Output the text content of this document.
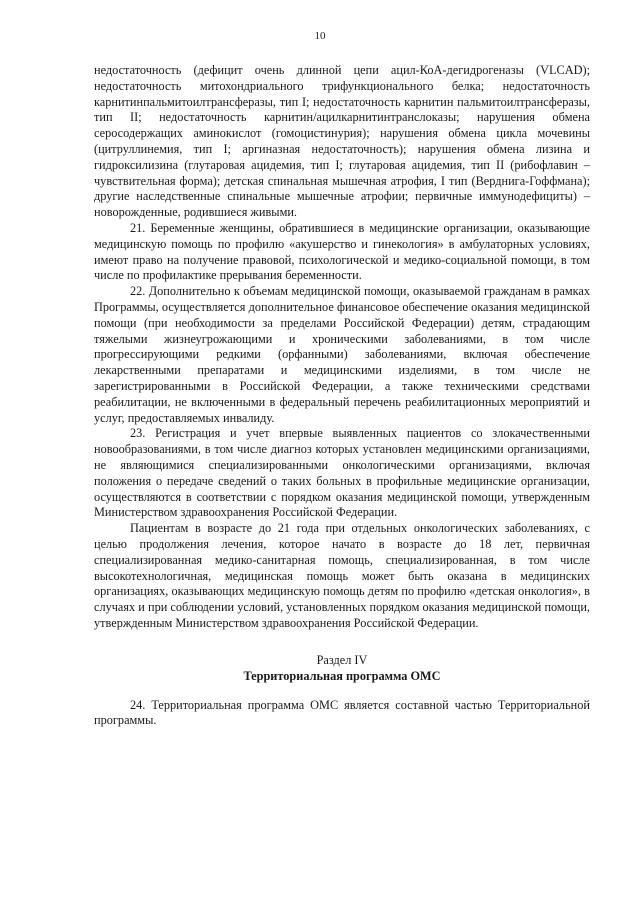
10

недостаточность (дефицит очень длинной цепи ацил-КоА-дегидрогеназы (VLCAD); недостаточность митохондриального трифункционального белка; недостаточность карнитинпальмитоилтрансферазы, тип I; недостаточность карнитин пальмитоилтрансферазы, тип II; недостаточность карнитин/ацилкарнитинтранслоказы; нарушения обмена серосодержащих аминокислот (гомоцистинурия); нарушения обмена цикла мочевины (цитруллинемия, тип I; аргиназная недостаточность); нарушения обмена лизина и гидроксилизина (глутаровая ацидемия, тип I; глутаровая ацидемия, тип II (рибофлавин – чувствительная форма); детская спинальная мышечная атрофия, I тип (Верднига-Гоффмана); другие наследственные спинальные мышечные атрофии; первичные иммунодефициты) – новорожденные, родившиеся живыми.

21. Беременные женщины, обратившиеся в медицинские организации, оказывающие медицинскую помощь по профилю «акушерство и гинекология» в амбулаторных условиях, имеют право на получение правовой, психологической и медико-социальной помощи, в том числе по профилактике прерывания беременности.

22. Дополнительно к объемам медицинской помощи, оказываемой гражданам в рамках Программы, осуществляется дополнительное финансовое обеспечение оказания медицинской помощи (при необходимости за пределами Российской Федерации) детям, страдающим тяжелыми жизнеугрожающими и хроническими заболеваниями, в том числе прогрессирующими редкими (орфанными) заболеваниями, включая обеспечение лекарственными препаратами и медицинскими изделиями, в том числе не зарегистрированными в Российской Федерации, а также техническими средствами реабилитации, не включенными в федеральный перечень реабилитационных мероприятий и услуг, предоставляемых инвалиду.

23. Регистрация и учет впервые выявленных пациентов со злокачественными новообразованиями, в том числе диагноз которых установлен медицинскими организациями, не являющимися специализированными онкологическими организациями, включая положения о передаче сведений о таких больных в профильные медицинские организации, осуществляются в соответствии с порядком оказания медицинской помощи, утвержденным Министерством здравоохранения Российской Федерации.

Пациентам в возрасте до 21 года при отдельных онкологических заболеваниях, с целью продолжения лечения, которое начато в возрасте до 18 лет, первичная специализированная медико-санитарная помощь, специализированная, в том числе высокотехнологичная, медицинская помощь может быть оказана в медицинских организациях, оказывающих медицинскую помощь детям по профилю «детская онкология», в случаях и при соблюдении условий, установленных порядком оказания медицинской помощи, утвержденным Министерством здравоохранения Российской Федерации.

Раздел IV
Территориальная программа ОМС

24. Территориальная программа ОМС является составной частью Территориальной программы.
